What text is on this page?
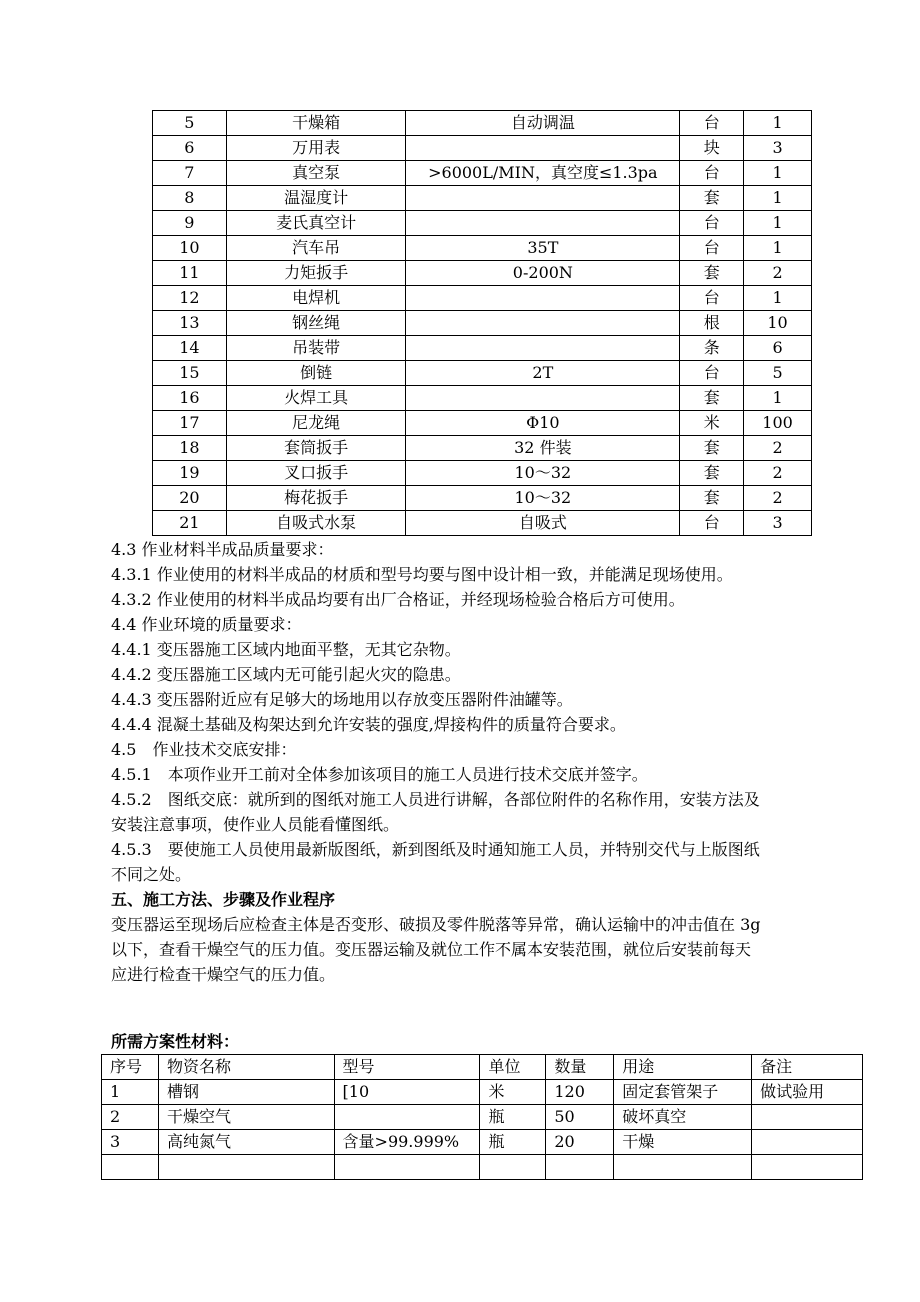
5	干燥箱	自动调温	台	1
6	万用表		块	3
7	真空泵	>6000L/MIN，真空度≤1.3pa	台	1
8	温湿度计		套	1
9	麦氏真空计		台	1
10	汽车吊	35T	台	1
11	力矩扳手	0-200N	套	2
12	电焊机		台	1
13	钢丝绳		根	10
14	吊装带		条	6
15	倒链	2T	台	5
16	火焊工具		套	1
17	尼龙绳	Φ10	米	100
18	套筒扳手	32 件装	套	2
19	叉口扳手	10～32	套	2
20	梅花扳手	10～32	套	2
21	自吸式水泵	自吸式	台	3

4.3 作业材料半成品质量要求：

4.3.1 作业使用的材料半成品的材质和型号均要与图中设计相一致，并能满足现场使用。

4.3.2 作业使用的材料半成品均要有出厂合格证，并经现场检验合格后方可使用。

4.4 作业环境的质量要求：

4.4.1 变压器施工区域内地面平整，无其它杂物。

4.4.2 变压器施工区域内无可能引起火灾的隐患。

4.4.3 变压器附近应有足够大的场地用以存放变压器附件油罐等。

4.4.4 混凝土基础及构架达到允许安装的强度,焊接构件的质量符合要求。

4.5　作业技术交底安排：

4.5.1　本项作业开工前对全体参加该项目的施工人员进行技术交底并签字。

4.5.2　图纸交底：就所到的图纸对施工人员进行讲解，各部位附件的名称作用，安装方法及

安装注意事项，使作业人员能看懂图纸。

4.5.3　要使施工人员使用最新版图纸，新到图纸及时通知施工人员，并特别交代与上版图纸

不同之处。

五、施工方法、步骤及作业程序

变压器运至现场后应检查主体是否变形、破损及零件脱落等异常，确认运输中的冲击值在 3g

以下，查看干燥空气的压力值。变压器运输及就位工作不属本安装范围，就位后安装前每天

应进行检查干燥空气的压力值。

所需方案性材料：

序号	物资名称	型号	单位	数量	用途	备注
1	槽钢	[10	米	120	固定套管架子	做试验用
2	干燥空气		瓶	50	破坏真空	
3	高纯氮气	含量>99.999%	瓶	20	干燥	
